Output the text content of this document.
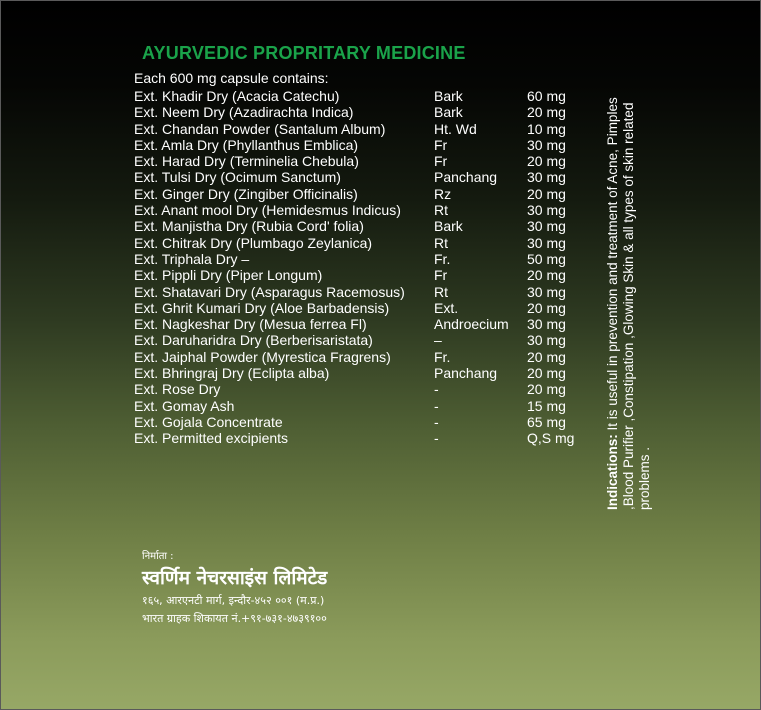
AYURVEDIC PROPRITARY MEDICINE
Each 600 mg capsule contains:
Ext. Khadir Dry (Acacia Catechu)	Bark	60 mg
Ext. Neem Dry (Azadirachta Indica)	Bark	20 mg
Ext. Chandan Powder (Santalum Album)	Ht. Wd	10 mg
Ext. Amla Dry (Phyllanthus Emblica)	Fr	30 mg
Ext. Harad Dry (Terminelia Chebula)	Fr	20 mg
Ext. Tulsi Dry (Ocimum Sanctum)	Panchang 30 mg
Ext. Ginger Dry (Zingiber Officinalis)	Rz	20 mg
Ext. Anant mool Dry (Hemidesmus Indicus) Rt	30 mg
Ext. Manjistha Dry (Rubia Cord' folia)	Bark	30 mg
Ext. Chitrak Dry (Plumbago Zeylanica)	Rt	30 mg
Ext. Triphala Dry –	Fr.	50 mg
Ext. Pippli Dry (Piper Longum)	Fr	20 mg
Ext. Shatavari Dry (Asparagus Racemosus) Rt	30 mg
Ext. Ghrit Kumari Dry (Aloe Barbadensis)	Ext.	20 mg
Ext. Nagkeshar Dry (Mesua ferrea Fl)	Androecium 30 mg
Ext. Daruharidra Dry (Berberisaristata)	–	30 mg
Ext. Jaiphal Powder (Myrestica Fragrens)	Fr.	20 mg
Ext. Bhringraj Dry (Eclipta alba)	Panchang 20 mg
Ext. Rose Dry	-	20 mg
Ext. Gomay Ash	-	15 mg
Ext. Gojala Concentrate	-	65 mg
Ext. Permitted excipients	-	Q,S mg Indications: It is useful in prevention and treatment of Acne, Pimples ,Blood Purifier ,Constipation ,Glowing Skin & all types of skin related problems .
निर्माता :
स्वर्णिम नेचरसाइंस लिमिटेड
१६५, आरएनटी मार्ग, इन्दौर-४५२ ००१ (म.प्र.)
भारत ग्राहक शिकायत नं.+९१-७३१-४७३९१००
